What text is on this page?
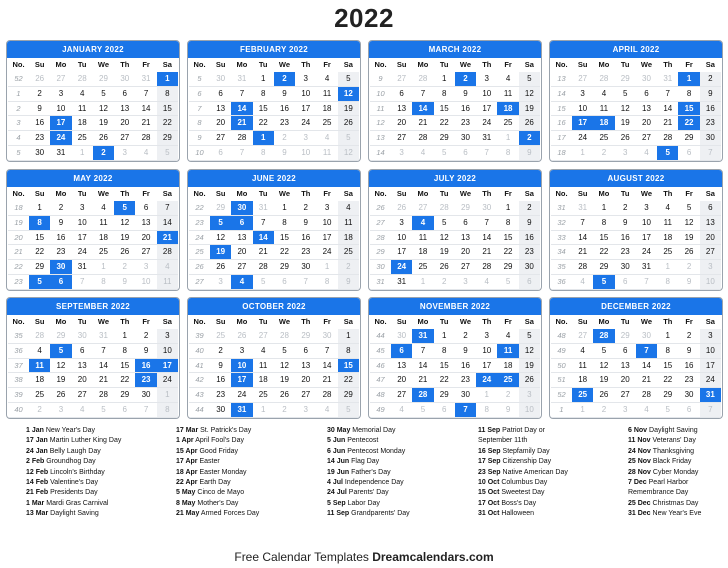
2022
JANUARY 2022
No.	Su	Mo	Tu	We	Th	Fr	Sa
52	26	27	28	29	30	31	1
1	2	3	4	5	6	7	8
2	9	10	11	12	13	14	15
3	16	17	18	19	20	21	22
4	23	24	25	26	27	28	29
5	30	31	1	2	3	4	5
FEBRUARY 2022
No.	Su	Mo	Tu	We	Th	Fr	Sa
5	30	31	1	2	3	4	5
6	6	7	8	9	10	11	12
7	13	14	15	16	17	18	19
8	20	21	22	23	24	25	26
9	27	28	1	2	3	4	5
10	6	7	8	9	10	11	12
MARCH 2022
No.	Su	Mo	Tu	We	Th	Fr	Sa
9	27	28	1	2	3	4	5
10	6	7	8	9	10	11	12
11	13	14	15	16	17	18	19
12	20	21	22	23	24	25	26
13	27	28	29	30	31	1	2
14	3	4	5	6	7	8	9
APRIL 2022
No.	Su	Mo	Tu	We	Th	Fr	Sa
13	27	28	29	30	31	1	2
14	3	4	5	6	7	8	9
15	10	11	12	13	14	15	16
16	17	18	19	20	21	22	23
17	24	25	26	27	28	29	30
18	1	2	3	4	5	6	7
MAY 2022
No.	Su	Mo	Tu	We	Th	Fr	Sa
18	1	2	3	4	5	6	7
19	8	9	10	11	12	13	14
20	15	16	17	18	19	20	21
21	22	23	24	25	26	27	28
22	29	30	31	1	2	3	4
23	5	6	7	8	9	10	11
JUNE 2022
No.	Su	Mo	Tu	We	Th	Fr	Sa
22	29	30	31	1	2	3	4
23	5	6	7	8	9	10	11
24	12	13	14	15	16	17	18
25	19	20	21	22	23	24	25
26	26	27	28	29	30	1	2
27	3	4	5	6	7	8	9
JULY 2022
No.	Su	Mo	Tu	We	Th	Fr	Sa
26	26	27	28	29	30	1	2
27	3	4	5	6	7	8	9
28	10	11	12	13	14	15	16
29	17	18	19	20	21	22	23
30	24	25	26	27	28	29	30
31	31	1	2	3	4	5	6
AUGUST 2022
No.	Su	Mo	Tu	We	Th	Fr	Sa
31	31	1	2	3	4	5	6
32	7	8	9	10	11	12	13
33	14	15	16	17	18	19	20
34	21	22	23	24	25	26	27
35	28	29	30	31	1	2	3
36	4	5	6	7	8	9	10
SEPTEMBER 2022
No.	Su	Mo	Tu	We	Th	Fr	Sa
35	28	29	30	31	1	2	3
36	4	5	6	7	8	9	10
37	11	12	13	14	15	16	17
38	18	19	20	21	22	23	24
39	25	26	27	28	29	30	1
40	2	3	4	5	6	7	8
OCTOBER 2022
No.	Su	Mo	Tu	We	Th	Fr	Sa
39	25	26	27	28	29	30	1
40	2	3	4	5	6	7	8
41	9	10	11	12	13	14	15
42	16	17	18	19	20	21	22
43	23	24	25	26	27	28	29
44	30	31	1	2	3	4	5
NOVEMBER 2022
No.	Su	Mo	Tu	We	Th	Fr	Sa
44	30	31	1	2	3	4	5
45	6	7	8	9	10	11	12
46	13	14	15	16	17	18	19
47	20	21	22	23	24	25	26
48	27	28	29	30	1	2	3
49	4	5	6	7	8	9	10
DECEMBER 2022
No.	Su	Mo	Tu	We	Th	Fr	Sa
48	27	28	29	30	1	2	3
49	4	5	6	7	8	9	10
50	11	12	13	14	15	16	17
51	18	19	20	21	22	23	24
52	25	26	27	28	29	30	31
1	1	2	3	4	5	6	7
1 Jan New Year's Day
17 Jan Martin Luther King Day
24 Jan Belly Laugh Day
2 Feb Groundhog Day
12 Feb Lincoln's Birthday
14 Feb Valentine's Day
21 Feb Presidents Day
1 Mar Mardi Gras Carnival
13 Mar Daylight Saving
17 Mar St. Patrick's Day
1 Apr April Fool's Day
15 Apr Good Friday
17 Apr Easter
18 Apr Easter Monday
22 Apr Earth Day
5 May Cinco de Mayo
8 May Mother's Day
21 May Armed Forces Day
30 May Memorial Day
5 Jun Pentecost
6 Jun Pentecost Monday
14 Jun Flag Day
19 Jun Father's Day
4 Jul Independence Day
24 Jul Parents' Day
5 Sep Labor Day
11 Sep Grandparents' Day
11 Sep Patriot Day or
September 11th
16 Sep Stepfamily Day
17 Sep Citizenship Day
23 Sep Native American Day
10 Oct Columbus Day
15 Oct Sweetest Day
17 Oct Boss's Day
31 Oct Halloween
6 Nov Daylight Saving
11 Nov Veterans' Day
24 Nov Thanksgiving
25 Nov Black Friday
28 Nov Cyber Monday
7 Dec Pearl Harbor
Remembrance Day
25 Dec Christmas Day
31 Dec New Year's Eve
Free Calendar Templates Dreamcalendars.com
